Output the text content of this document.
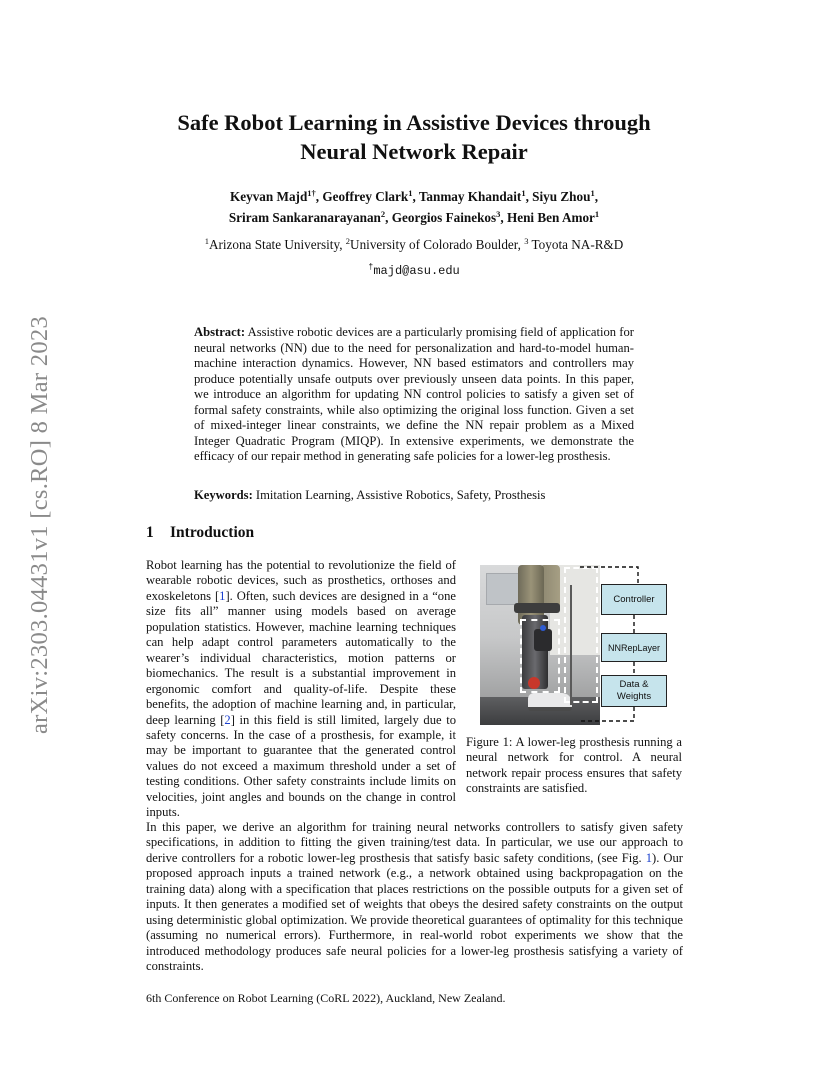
arXiv:2303.04431v1 [cs.RO] 8 Mar 2023
Safe Robot Learning in Assistive Devices through
Neural Network Repair
Keyvan Majd$^{1\dagger}$, Geoffrey Clark$^1$, Tanmay Khandait$^1$, Siyu Zhou$^1$,
Sriram Sankaranarayanan$^2$, Georgios Fainekos$^3$, Heni Ben Amor$^1$
$^1$Arizona State University, $^2$University of Colorado Boulder, $^3$ Toyota NA-R&D
†majd@asu.edu
Abstract: Assistive robotic devices are a particularly promising field of application for neural networks (NN) due to the need for personalization and hard-to-model human-machine interaction dynamics. However, NN based estimators and controllers may produce potentially unsafe outputs over previously unseen data points. In this paper, we introduce an algorithm for updating NN control policies to satisfy a given set of formal safety constraints, while also optimizing the original loss function. Given a set of mixed-integer linear constraints, we define the NN repair problem as a Mixed Integer Quadratic Program (MIQP). In extensive experiments, we demonstrate the efficacy of our repair method in generating safe policies for a lower-leg prosthesis.
Keywords: Imitation Learning, Assistive Robotics, Safety, Prosthesis
1 Introduction
Robot learning has the potential to revolutionize the field of wearable robotic devices, such as prosthetics, orthoses and exoskeletons [1]. Often, such devices are designed in a “one size fits all” manner using models based on average population statistics. However, machine learning techniques can help adapt control parameters automatically to the wearer’s individual characteristics, motion patterns or biomechanics. The result is a substantial improvement in ergonomic comfort and quality-of-life. Despite these benefits, the adoption of machine learning and, in particular, deep learning [2] in this field is still limited, largely due to safety concerns. In the case of a prosthesis, for example, it may be important to guarantee that the generated control values do not exceed a maximum threshold under a set of testing conditions. Other safety constraints include limits on velocities, joint angles and bounds on the change in control inputs.
Controller
NNRepLayer
Data &
Weights
Figure 1: A lower-leg prosthesis running a neural network for control. A neural network repair process ensures that safety constraints are satisfied.
In this paper, we derive an algorithm for training neural networks controllers to satisfy given safety specifications, in addition to fitting the given training/test data. In particular, we use our approach to derive controllers for a robotic lower-leg prosthesis that satisfy basic safety conditions, (see Fig. 1). Our proposed approach inputs a trained network (e.g., a network obtained using backpropagation on the training data) along with a specification that places restrictions on the possible outputs for a given set of inputs. It then generates a modified set of weights that obeys the desired safety constraints on the output using deterministic global optimization. We provide theoretical guarantees of optimality for this technique (assuming no numerical errors). Furthermore, in real-world robot experiments we show that the introduced methodology produces safe neural policies for a lower-leg prosthesis satisfying a variety of constraints.
6th Conference on Robot Learning (CoRL 2022), Auckland, New Zealand.
